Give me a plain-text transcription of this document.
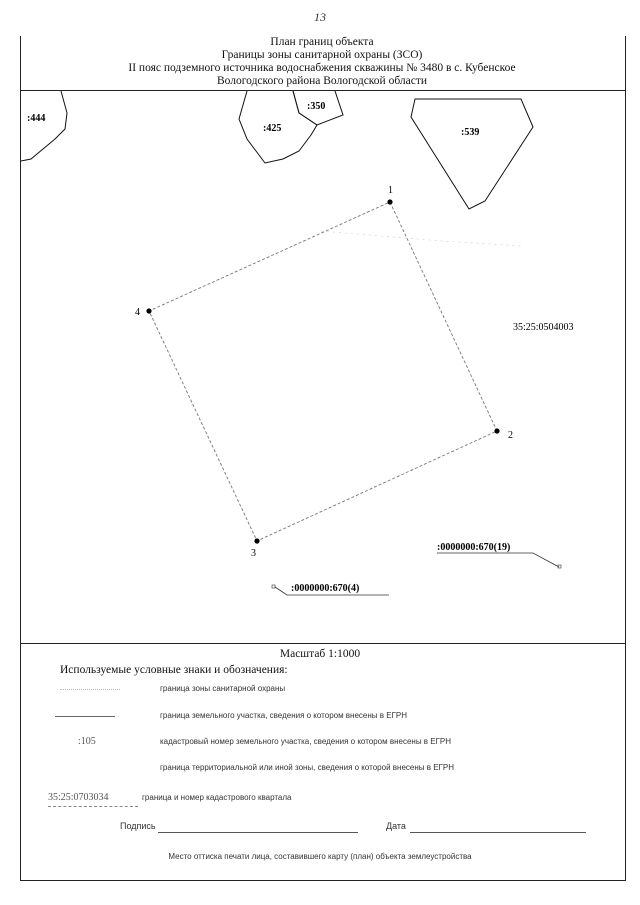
13
План границ объекта
Границы зоны санитарной охраны (ЗСО)
II пояс подземного источника водоснабжения скважины № 3480 в с. Кубенское
Вологодского района Вологодской области
:444
:350
:425	:539
1
2
3
4
35:25:0504003
:0000000:670(19)
:0000000:670(4)
Масштаб 1:1000
Используемые условные знаки и обозначения:
граница зоны санитарной охраны
граница земельного участка, сведения о котором внесены в ЕГРН
:105	кадастровый номер земельного участка, сведения о котором внесены в ЕГРН
граница территориальной или иной зоны, сведения о которой внесены в ЕГРН
35:25:0703034	граница и номер кадастрового квартала
Подпись	Дата
Место оттиска печати лица, составившего карту (план) объекта землеустройства
